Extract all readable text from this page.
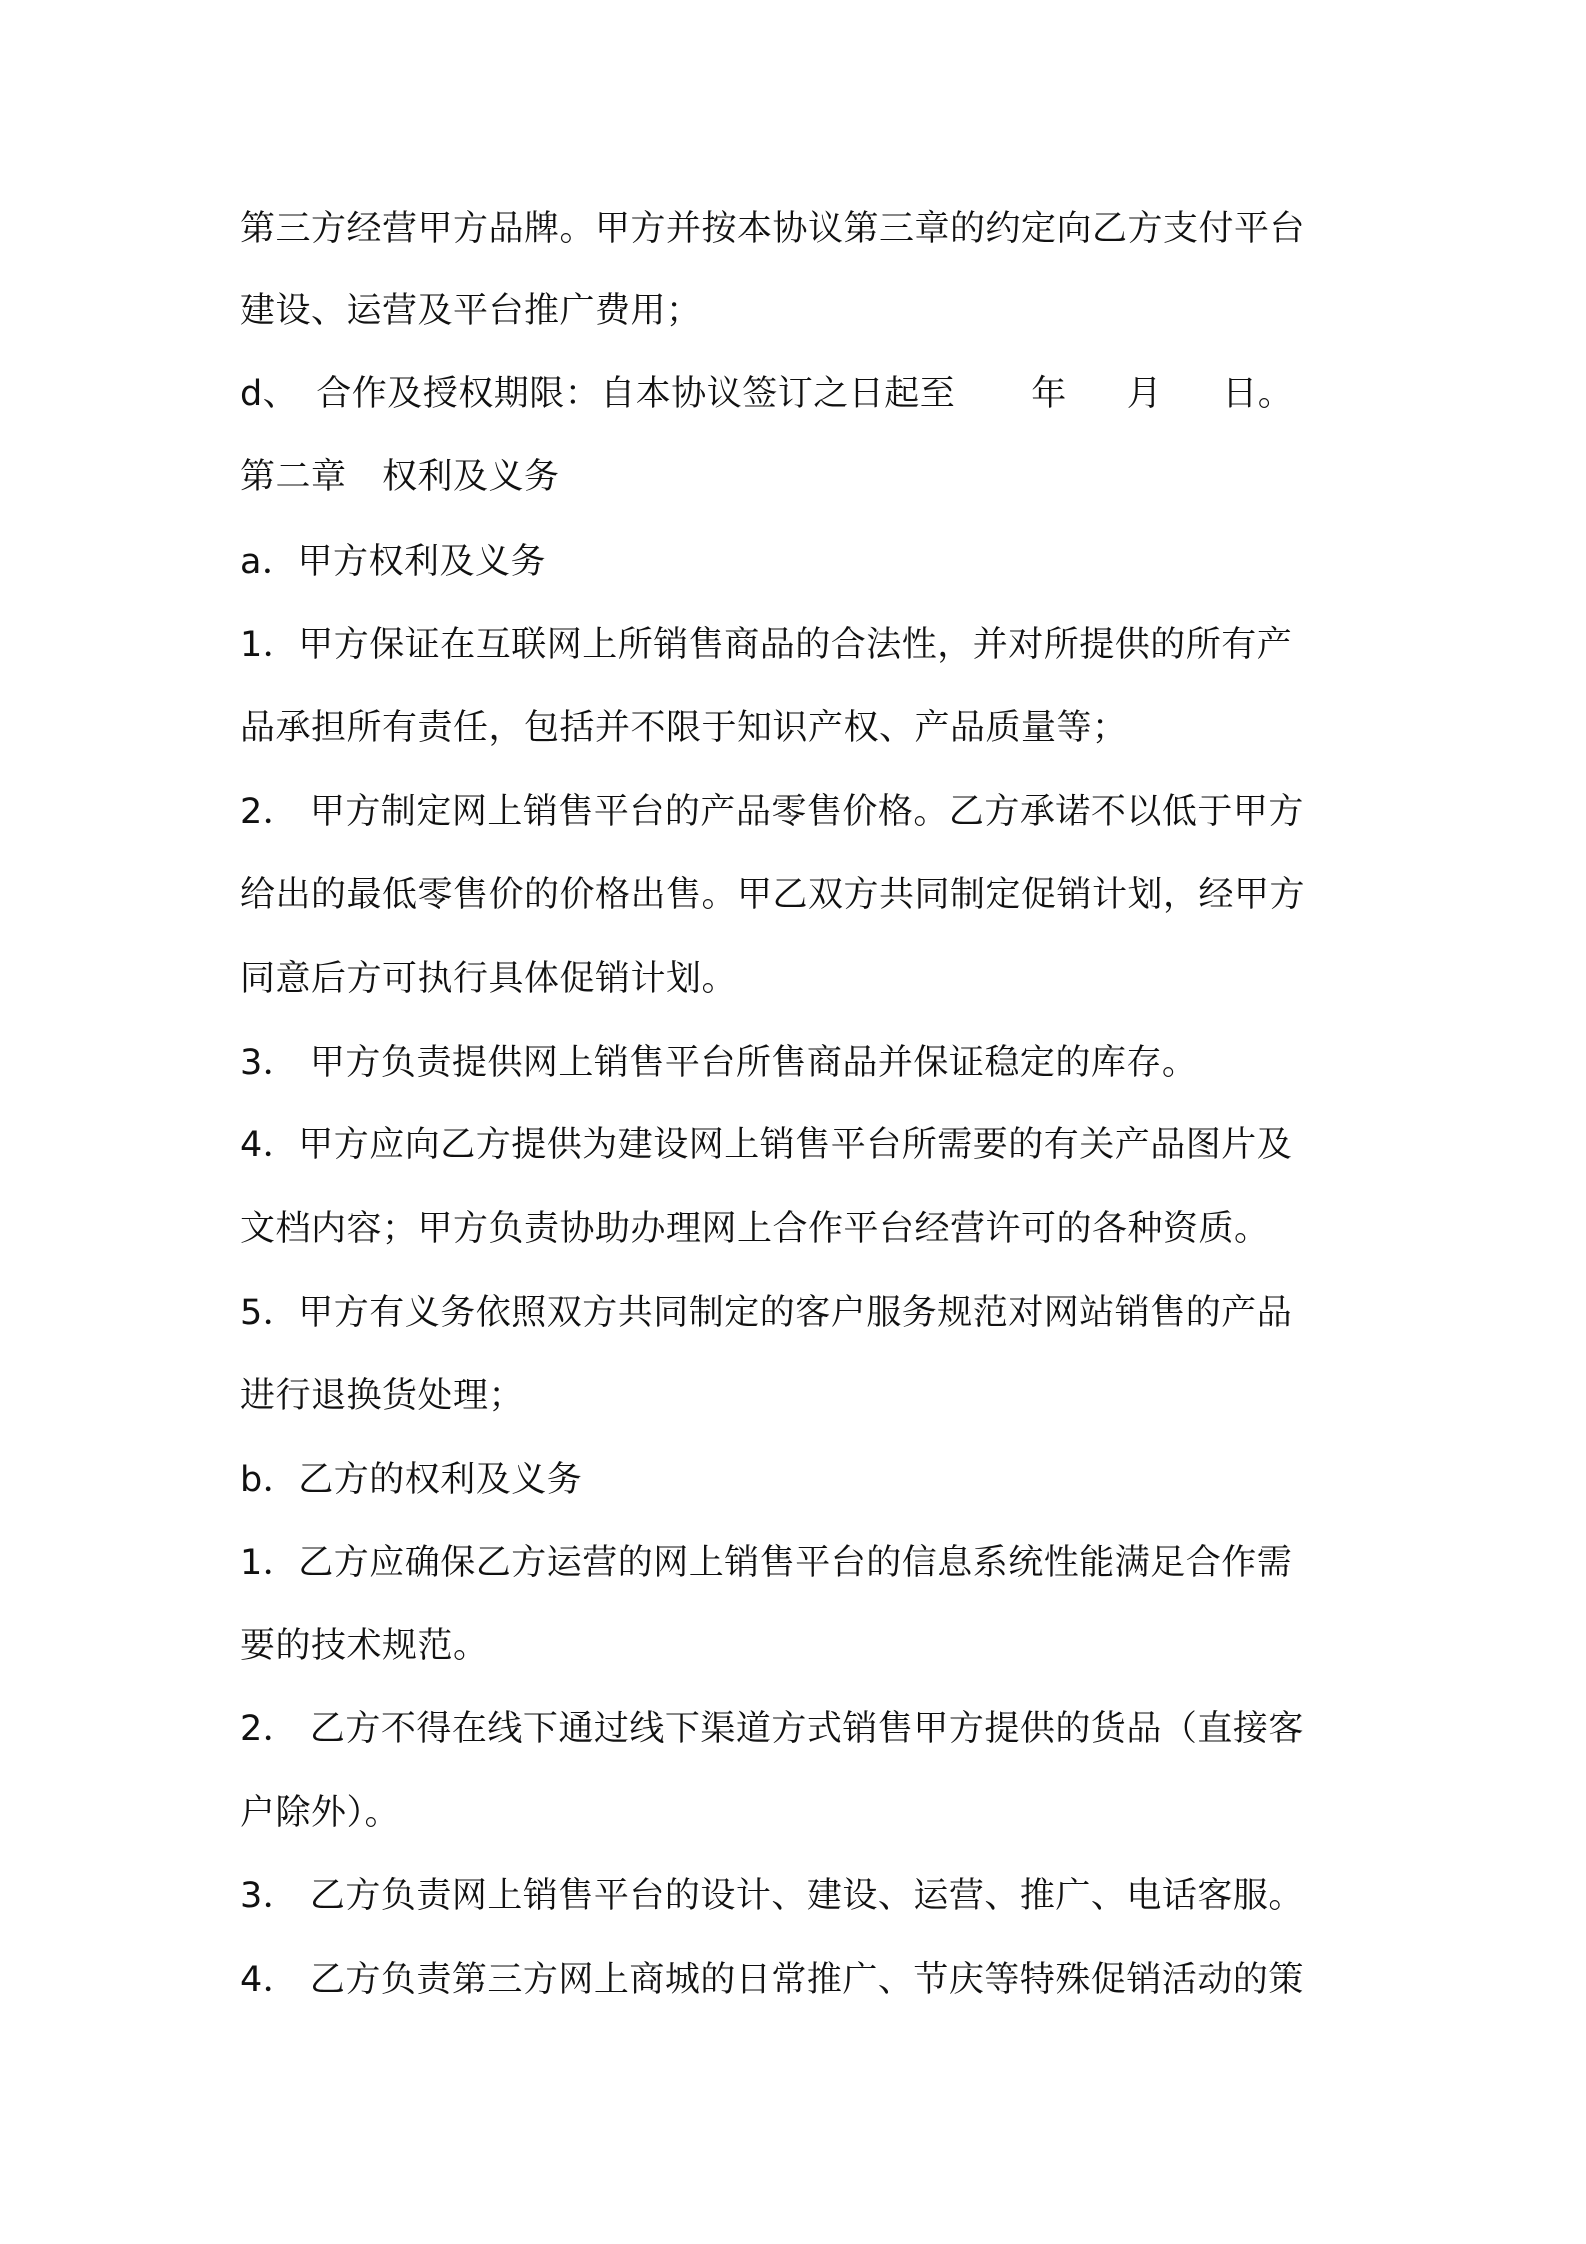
第三方经营甲方品牌。甲方并按本协议第三章的约定向乙方支付平台
建设、运营及平台推广费用；
d、　合作及授权期限：自本协议签订之日起至 年 月 日。
第二章　权利及义务
a．甲方权利及义务
1．甲方保证在互联网上所销售商品的合法性，并对所提供的所有产
品承担所有责任，包括并不限于知识产权、产品质量等；
2． 甲方制定网上销售平台的产品零售价格。乙方承诺不以低于甲方
给出的最低零售价的价格出售。甲乙双方共同制定促销计划，经甲方
同意后方可执行具体促销计划。
3． 甲方负责提供网上销售平台所售商品并保证稳定的库存。
4．甲方应向乙方提供为建设网上销售平台所需要的有关产品图片及
文档内容；甲方负责协助办理网上合作平台经营许可的各种资质。
5．甲方有义务依照双方共同制定的客户服务规范对网站销售的产品
进行退换货处理；
b．乙方的权利及义务
1．乙方应确保乙方运营的网上销售平台的信息系统性能满足合作需
要的技术规范。
2． 乙方不得在线下通过线下渠道方式销售甲方提供的货品（直接客
户除外）。
3． 乙方负责网上销售平台的设计、建设、运营、推广、电话客服。
4． 乙方负责第三方网上商城的日常推广、节庆等特殊促销活动的策
